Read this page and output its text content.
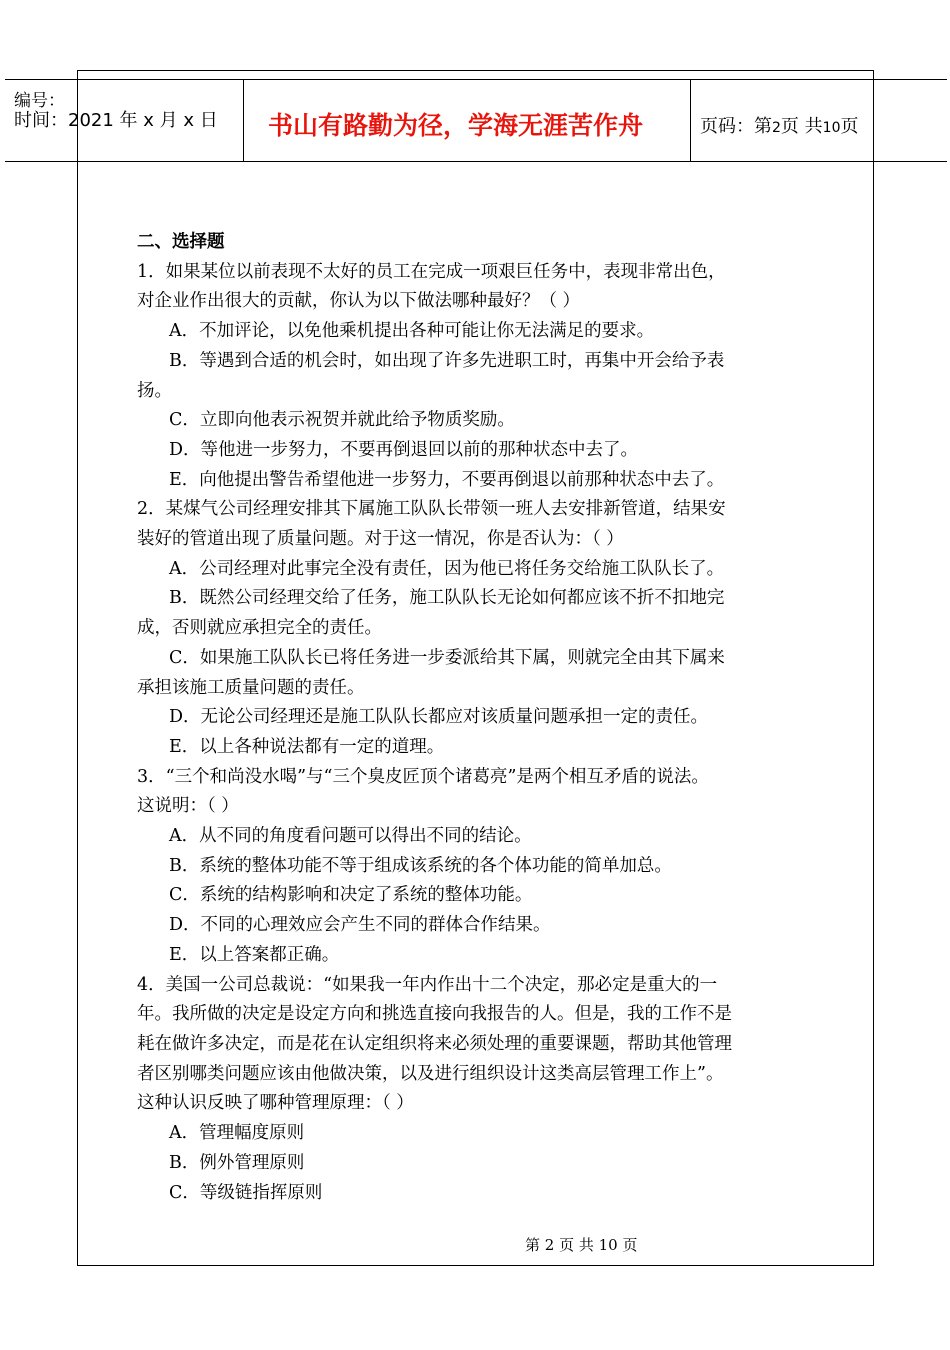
编号：
时间：2021 年 x 月 x 日 书山有路勤为径，学海无涯苦作舟	页码：第2页 共10页

二、选择题

1．如果某位以前表现不太好的员工在完成一项艰巨任务中，表现非常出色，

对企业作出很大的贡献，你认为以下做法哪种最好？（ ）

A．不加评论，以免他乘机提出各种可能让你无法满足的要求。

B．等遇到合适的机会时，如出现了许多先进职工时，再集中开会给予表

扬。

C．立即向他表示祝贺并就此给予物质奖励。

D．等他进一步努力，不要再倒退回以前的那种状态中去了。

E．向他提出警告希望他进一步努力，不要再倒退以前那种状态中去了。

2．某煤气公司经理安排其下属施工队队长带领一班人去安排新管道，结果安

装好的管道出现了质量问题。对于这一情况，你是否认为：（ ）

A．公司经理对此事完全没有责任，因为他已将任务交给施工队队长了。

B．既然公司经理交给了任务，施工队队长无论如何都应该不折不扣地完

成，否则就应承担完全的责任。

C．如果施工队队长已将任务进一步委派给其下属，则就完全由其下属来

承担该施工质量问题的责任。

D．无论公司经理还是施工队队长都应对该质量问题承担一定的责任。

E．以上各种说法都有一定的道理。

3．“三个和尚没水喝”与“三个臭皮匠顶个诸葛亮”是两个相互矛盾的说法。

这说明：（ ）

A．从不同的角度看问题可以得出不同的结论。

B．系统的整体功能不等于组成该系统的各个体功能的简单加总。

C．系统的结构影响和决定了系统的整体功能。

D．不同的心理效应会产生不同的群体合作结果。

E．以上答案都正确。

4．美国一公司总裁说：“如果我一年内作出十二个决定，那必定是重大的一

年。我所做的决定是设定方向和挑选直接向我报告的人。但是，我的工作不是

耗在做许多决定，而是花在认定组织将来必须处理的重要课题，帮助其他管理

者区别哪类问题应该由他做决策，以及进行组织设计这类高层管理工作上”。

这种认识反映了哪种管理原理：（ ）

A．管理幅度原则

B．例外管理原则

C．等级链指挥原则

第 2 页 共 10 页
